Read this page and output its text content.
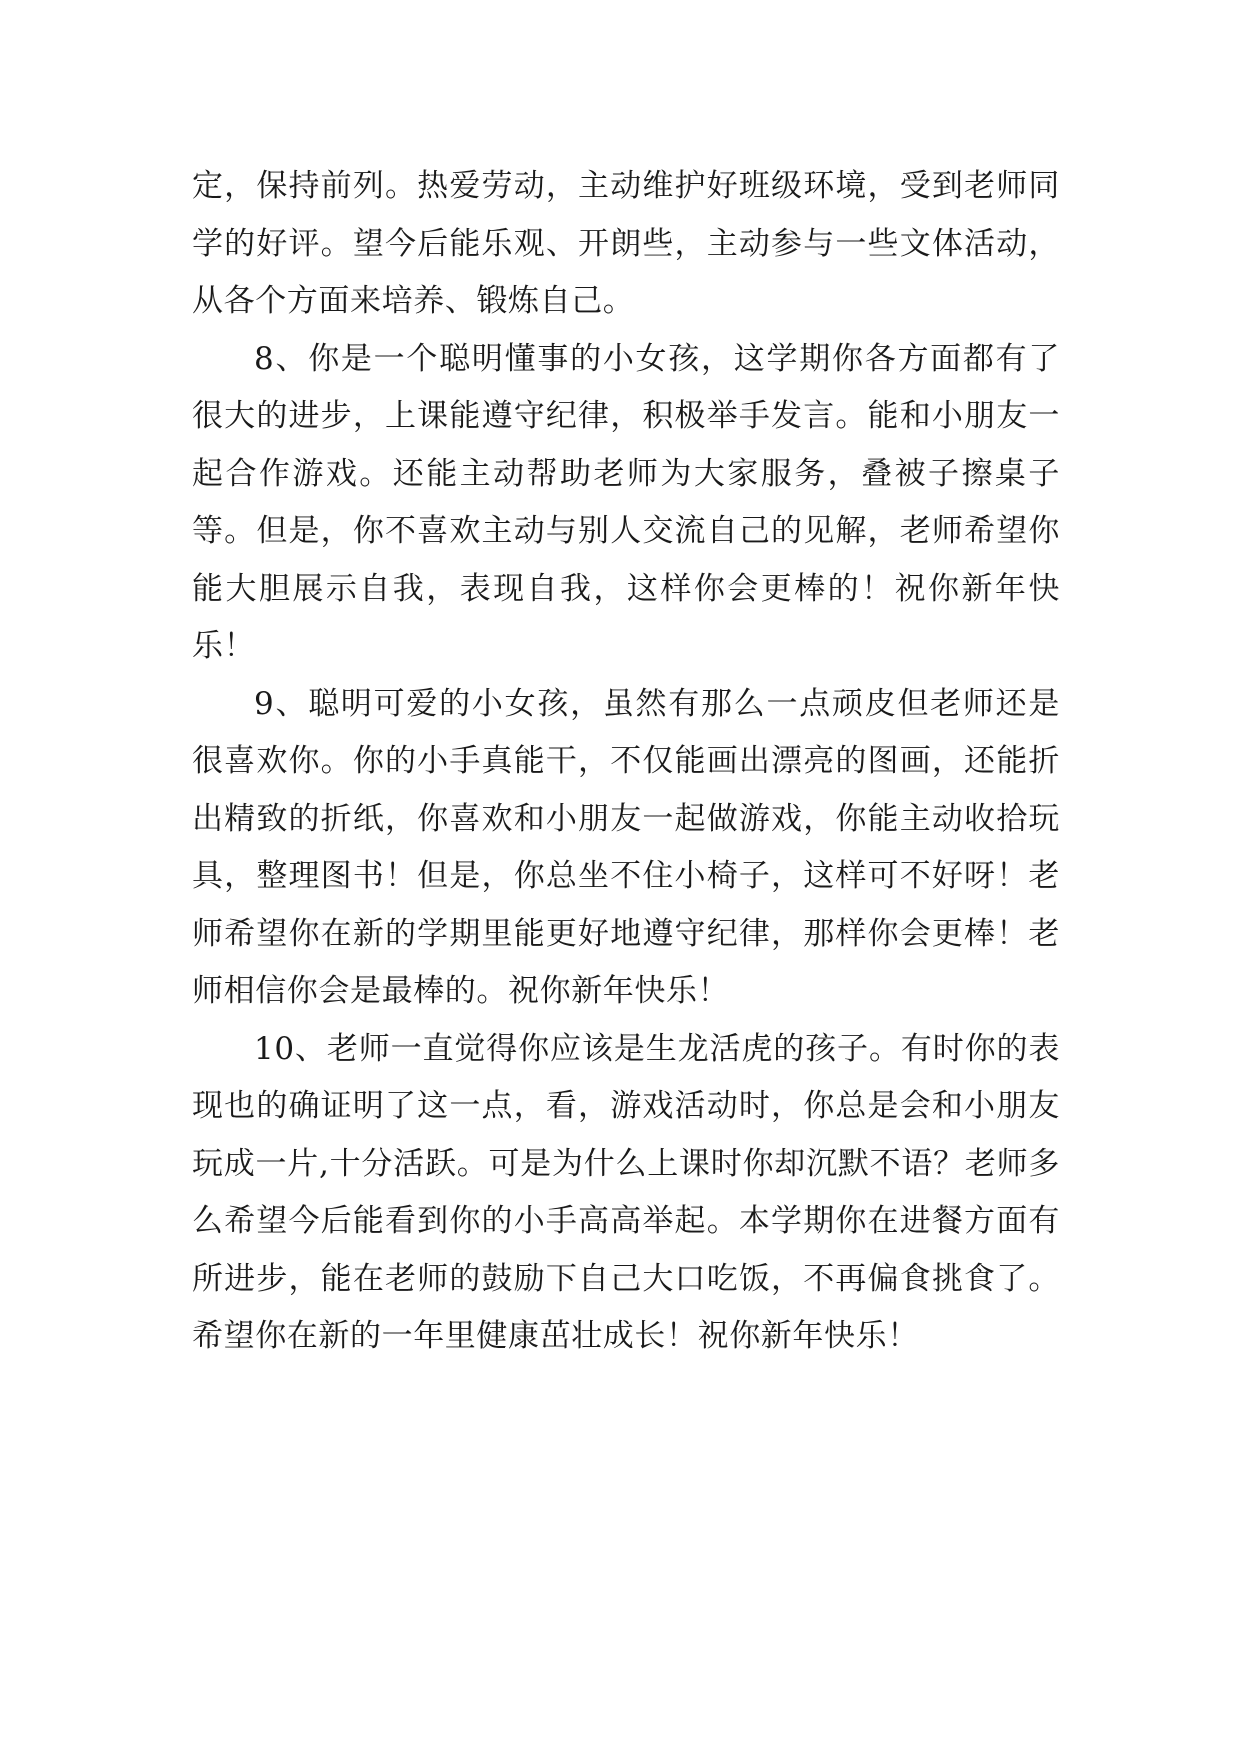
定，保持前列。热爱劳动，主动维护好班级环境，受到老师同学的好评。望今后能乐观、开朗些，主动参与一些文体活动，从各个方面来培养、锻炼自己。

8、你是一个聪明懂事的小女孩，这学期你各方面都有了很大的进步，上课能遵守纪律，积极举手发言。能和小朋友一起合作游戏。还能主动帮助老师为大家服务，叠被子擦桌子等。但是，你不喜欢主动与别人交流自己的见解，老师希望你能大胆展示自我，表现自我，这样你会更棒的！祝你新年快乐！

9、聪明可爱的小女孩，虽然有那么一点顽皮但老师还是很喜欢你。你的小手真能干，不仅能画出漂亮的图画，还能折出精致的折纸，你喜欢和小朋友一起做游戏，你能主动收拾玩具，整理图书！但是，你总坐不住小椅子，这样可不好呀！老师希望你在新的学期里能更好地遵守纪律，那样你会更棒！老师相信你会是最棒的。祝你新年快乐！

10、老师一直觉得你应该是生龙活虎的孩子。有时你的表现也的确证明了这一点，看，游戏活动时，你总是会和小朋友玩成一片,十分活跃。可是为什么上课时你却沉默不语？老师多么希望今后能看到你的小手高高举起。本学期你在进餐方面有所进步，能在老师的鼓励下自己大口吃饭，不再偏食挑食了。希望你在新的一年里健康茁壮成长！祝你新年快乐！
